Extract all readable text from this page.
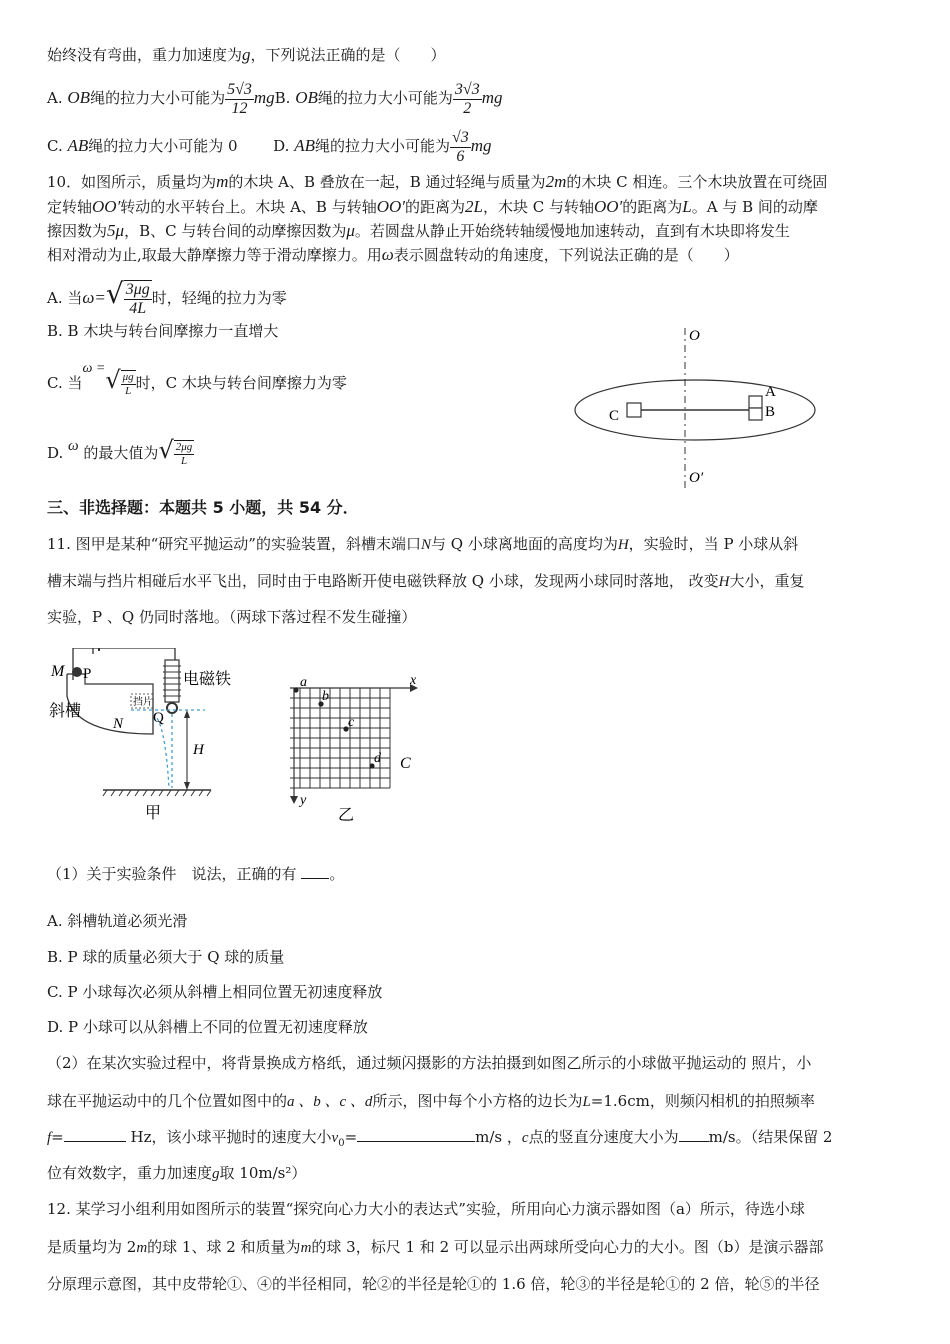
始终没有弯曲，重力加速度为g，下列说法正确的是（　　）
A. OB绳的拉力大小可能为 $\frac{5√3}{12}$ mgB. OB绳的拉力大小可能为 $\frac{3√3}{2}$ mg
C. AB绳的拉力大小可能为 0 D. AB绳的拉力大小可能为 $\frac{√3}{6}$ mg
10．如图所示，质量均为m的木块 A、B 叠放在一起，B 通过轻绳与质量为2m的木块 C 相连。三个木块放置在可绕固
定转轴OO′转动的水平转台上。木块 A、B 与转轴OO′的距离为2L，木块 C 与转轴OO′的距离为L。A 与 B 间的动摩
擦因数为5μ，B、C 与转台间的动摩擦因数为μ。若圆盘从静止开始绕转轴缓慢地加速转动，直到有木块即将发生
相对滑动为止,取最大静摩擦力等于滑动摩擦力。用ω表示圆盘转动的角速度，下列说法正确的是（　　）
A. 当$\omega=√ \frac{3\mu g}{4L}$ 时，轻绳的拉力为零
B. B 木块与转台间摩擦力一直增大
C. 当ω =√ $\frac{\mu g}{L}$ 时，C 木块与转台间摩擦力为零
D. ω 的最大值为√ $\frac{2\mu g}{L}$
O
O′
A
B
C
三、非选择题：本题共 5 小题，共 54 分．
11. 图甲是某种“研究平抛运动”的实验装置，斜槽末端口N与 Q 小球离地面的高度均为H，实验时，当 P 小球从斜
槽末端与挡片相碰后水平飞出，同时由于电路断开使电磁铁释放 Q 小球，发现两小球同时落地， 改变H大小，重复
实验，P 、Q 仍同时落地。（两球下落过程不发生碰撞）
M P	电磁铁
斜槽	挡片
N Q
H
甲
a
b
c
d
x
y
C
乙
（1）关于实验条件　说法，正确的有 。
A. 斜槽轨道必须光滑
B. P 球的质量必须大于 Q 球的质量
C. P 小球每次必须从斜槽上相同位置无初速度释放
D. P 小球可以从斜槽上不同的位置无初速度释放
（2）在某次实验过程中，将背景换成方格纸，通过频闪摄影的方法拍摄到如图乙所示的小球做平抛运动的 照片，小
球在平抛运动中的几个位置如图中的a 、b 、c 、d所示，图中每个小方格的边长为L=1.6cm，则频闪相机的拍照频率
f=	Hz，该小球平抛时的速度大小$v_0=$	m/s ，c点的竖直分速度大小为 m/s。（结果保留 2
位有效数字，重力加速度g取 10m/s²）
12. 某学习小组利用如图所示的装置“探究向心力大小的表达式”实验，所用向心力演示器如图（a）所示，待选小球
是质量均为 2m的球 1、球 2 和质量为m的球 3，标尺 1 和 2 可以显示出两球所受向心力的大小。图（b）是演示器部
分原理示意图，其中皮带轮①、④的半径相同，轮②的半径是轮①的 1.6 倍，轮③的半径是轮①的 2 倍，轮⑤的半径
